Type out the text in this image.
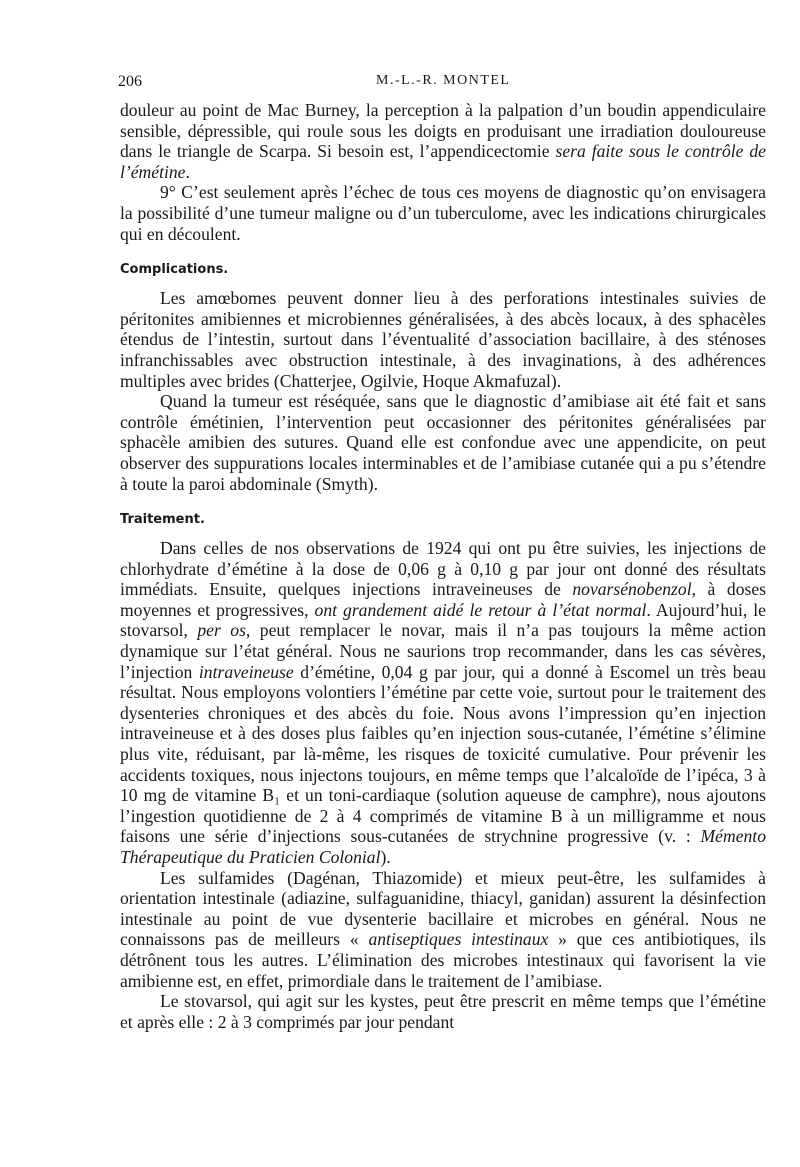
206	M.-L.-R. MONTEL

douleur au point de Mac Burney, la perception à la palpation d’un boudin appendiculaire sensible, dépressible, qui roule sous les doigts en produisant une irradiation douloureuse dans le triangle de Scarpa. Si besoin est, l’appendicectomie sera faite sous le contrôle de l’émétine.

9° C’est seulement après l’échec de tous ces moyens de diagnostic qu’on envisagera la possibilité d’une tumeur maligne ou d’un tuberculome, avec les indications chirurgicales qui en découlent.

Complications.

Les amœbomes peuvent donner lieu à des perforations intestinales suivies de péritonites amibiennes et microbiennes généralisées, à des abcès locaux, à des sphacèles étendus de l’intestin, surtout dans l’éventualité d’association bacillaire, à des sténoses infranchissables avec obstruction intestinale, à des invaginations, à des adhérences multiples avec brides (Chatterjee, Ogilvie, Hoque Akmafuzal).

Quand la tumeur est réséquée, sans que le diagnostic d’amibiase ait été fait et sans contrôle émétinien, l’intervention peut occasionner des péritonites généralisées par sphacèle amibien des sutures. Quand elle est confondue avec une appendicite, on peut observer des suppurations locales interminables et de l’amibiase cutanée qui a pu s’étendre à toute la paroi abdominale (Smyth).

Traitement.

Dans celles de nos observations de 1924 qui ont pu être suivies, les injections de chlorhydrate d’émétine à la dose de 0,06 g à 0,10 g par jour ont donné des résultats immédiats. Ensuite, quelques injections intraveineuses de novarsénobenzol, à doses moyennes et progressives, ont grandement aidé le retour à l’état normal. Aujourd’hui, le stovarsol, per os, peut remplacer le novar, mais il n’a pas toujours la même action dynamique sur l’état général. Nous ne saurions trop recommander, dans les cas sévères, l’injection intraveineuse d’émétine, 0,04 g par jour, qui a donné à Escomel un très beau résultat. Nous employons volontiers l’émétine par cette voie, surtout pour le traitement des dysenteries chroniques et des abcès du foie. Nous avons l’impression qu’en injection intraveineuse et à des doses plus faibles qu’en injection sous-cutanée, l’émétine s’élimine plus vite, réduisant, par là-même, les risques de toxicité cumulative. Pour prévenir les accidents toxiques, nous injectons toujours, en même temps que l’alcaloïde de l’ipéca, 3 à 10 mg de vitamine B₁ et un toni-cardiaque (solution aqueuse de camphre), nous ajoutons l’ingestion quotidienne de 2 à 4 comprimés de vitamine B à un milligramme et nous faisons une série d’injections sous-cutanées de strychnine progressive (v. : Mémento Thérapeutique du Praticien Colonial).

Les sulfamides (Dagénan, Thiazomide) et mieux peut-être, les sulfamides à orientation intestinale (adiazine, sulfaguanidine, thiacyl, ganidan) assurent la désinfection intestinale au point de vue dysenterie bacillaire et microbes en général. Nous ne connaissons pas de meilleurs « antiseptiques intestinaux » que ces antibiotiques, ils détrônent tous les autres. L’élimination des microbes intestinaux qui favorisent la vie amibienne est, en effet, primordiale dans le traitement de l’amibiase.

Le stovarsol, qui agit sur les kystes, peut être prescrit en même temps que l’émétine et après elle : 2 à 3 comprimés par jour pendant
